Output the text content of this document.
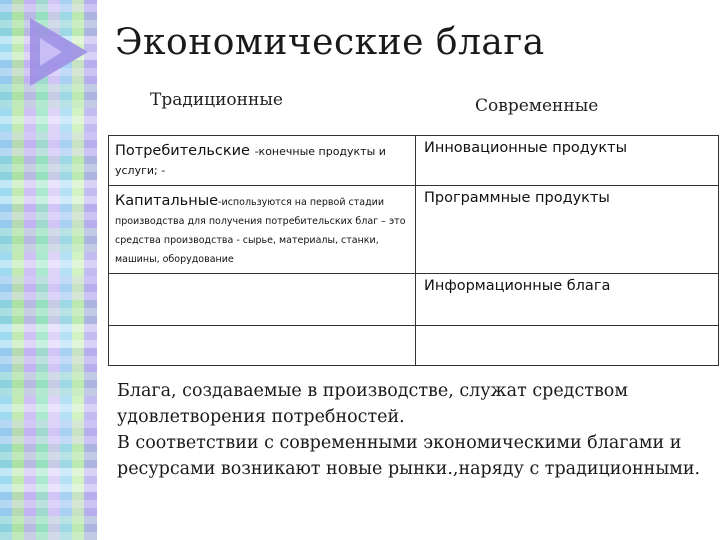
Экономические блага
Традиционные	Современные
Потребительские -конечные продукты и услуги; -	Инновационные продукты
Капитальные-используются на первой стадии производства для получения потребительских благ – это средства производства - сырье, материалы, станки, машины, оборудование	Программные продукты
	Информационные блага

Блага, создаваемые в производстве, служат средством удовлетворения потребностей.

В соответствии с современными экономическими благами и ресурсами возникают новые рынки.,наряду с традиционными.
